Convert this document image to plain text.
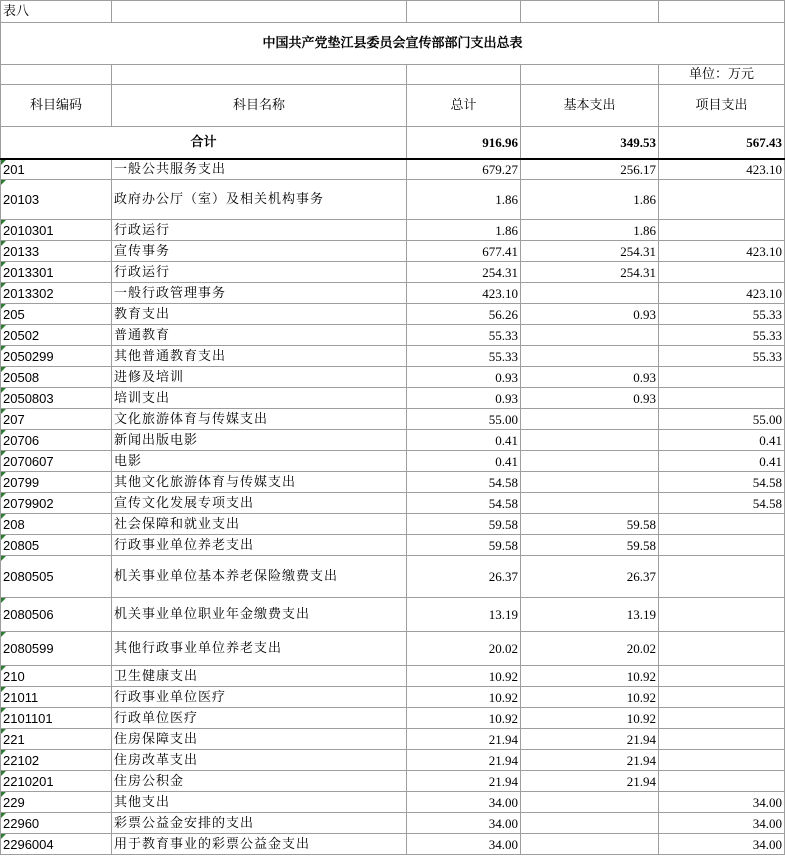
表八				
中国共产党垫江县委员会宣传部部门支出总表				
				单位：万元
科目编码	科目名称	总计	基本支出	项目支出
合计		916.96	349.53	567.43
201	一般公共服务支出	679.27	256.17	423.10
20103	政府办公厅（室）及相关机构事务	1.86	1.86	
2010301	行政运行	1.86	1.86	
20133	宣传事务	677.41	254.31	423.10
2013301	行政运行	254.31	254.31	
2013302	一般行政管理事务	423.10		423.10
205	教育支出	56.26	0.93	55.33
20502	普通教育	55.33		55.33
2050299	其他普通教育支出	55.33		55.33
20508	进修及培训	0.93	0.93	
2050803	培训支出	0.93	0.93	
207	文化旅游体育与传媒支出	55.00		55.00
20706	新闻出版电影	0.41		0.41
2070607	电影	0.41		0.41
20799	其他文化旅游体育与传媒支出	54.58		54.58
2079902	宣传文化发展专项支出	54.58		54.58
208	社会保障和就业支出	59.58	59.58	
20805	行政事业单位养老支出	59.58	59.58	
2080505	机关事业单位基本养老保险缴费支出	26.37	26.37	
2080506	机关事业单位职业年金缴费支出	13.19	13.19	
2080599	其他行政事业单位养老支出	20.02	20.02	
210	卫生健康支出	10.92	10.92	
21011	行政事业单位医疗	10.92	10.92	
2101101	行政单位医疗	10.92	10.92	
221	住房保障支出	21.94	21.94	
22102	住房改革支出	21.94	21.94	
2210201	住房公积金	21.94	21.94	
229	其他支出	34.00		34.00
22960	彩票公益金安排的支出	34.00		34.00
2296004	用于教育事业的彩票公益金支出	34.00		34.00
